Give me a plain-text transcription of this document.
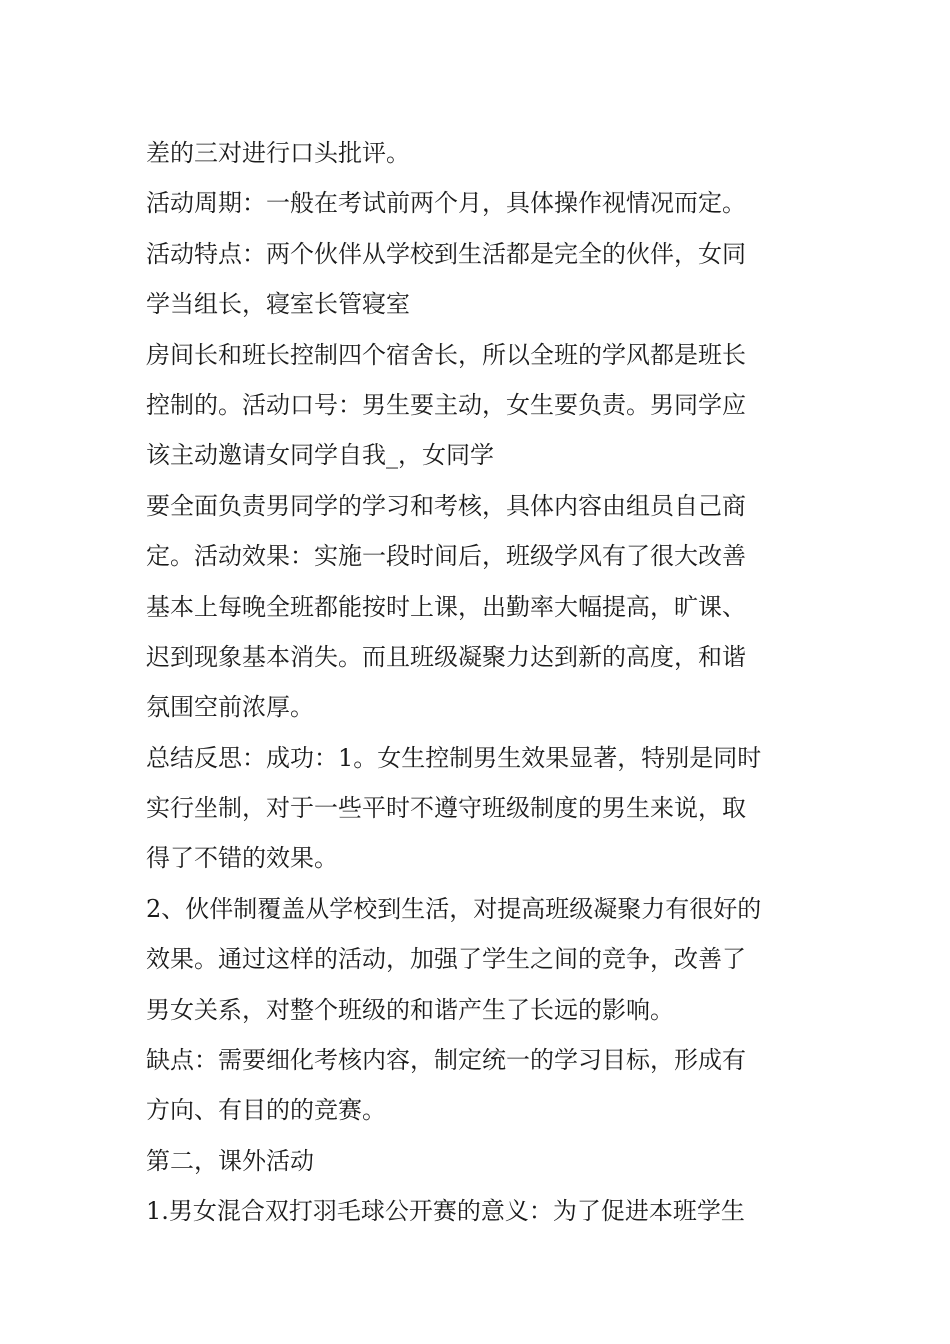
差的三对进行口头批评。
活动周期：一般在考试前两个月，具体操作视情况而定。
活动特点：两个伙伴从学校到生活都是完全的伙伴，女同
学当组长，寝室长管寝室
房间长和班长控制四个宿舍长，所以全班的学风都是班长
控制的。活动口号：男生要主动，女生要负责。男同学应
该主动邀请女同学自我_，女同学
要全面负责男同学的学习和考核，具体内容由组员自己商
定。活动效果：实施一段时间后，班级学风有了很大改善
基本上每晚全班都能按时上课，出勤率大幅提高，旷课、
迟到现象基本消失。而且班级凝聚力达到新的高度，和谐
氛围空前浓厚。
总结反思：成功：1。女生控制男生效果显著，特别是同时
实行坐制，对于一些平时不遵守班级制度的男生来说，取
得了不错的效果。
2、伙伴制覆盖从学校到生活，对提高班级凝聚力有很好的
效果。通过这样的活动，加强了学生之间的竞争，改善了
男女关系，对整个班级的和谐产生了长远的影响。
缺点：需要细化考核内容，制定统一的学习目标，形成有
方向、有目的的竞赛。
第二，课外活动
1.男女混合双打羽毛球公开赛的意义：为了促进本班学生
